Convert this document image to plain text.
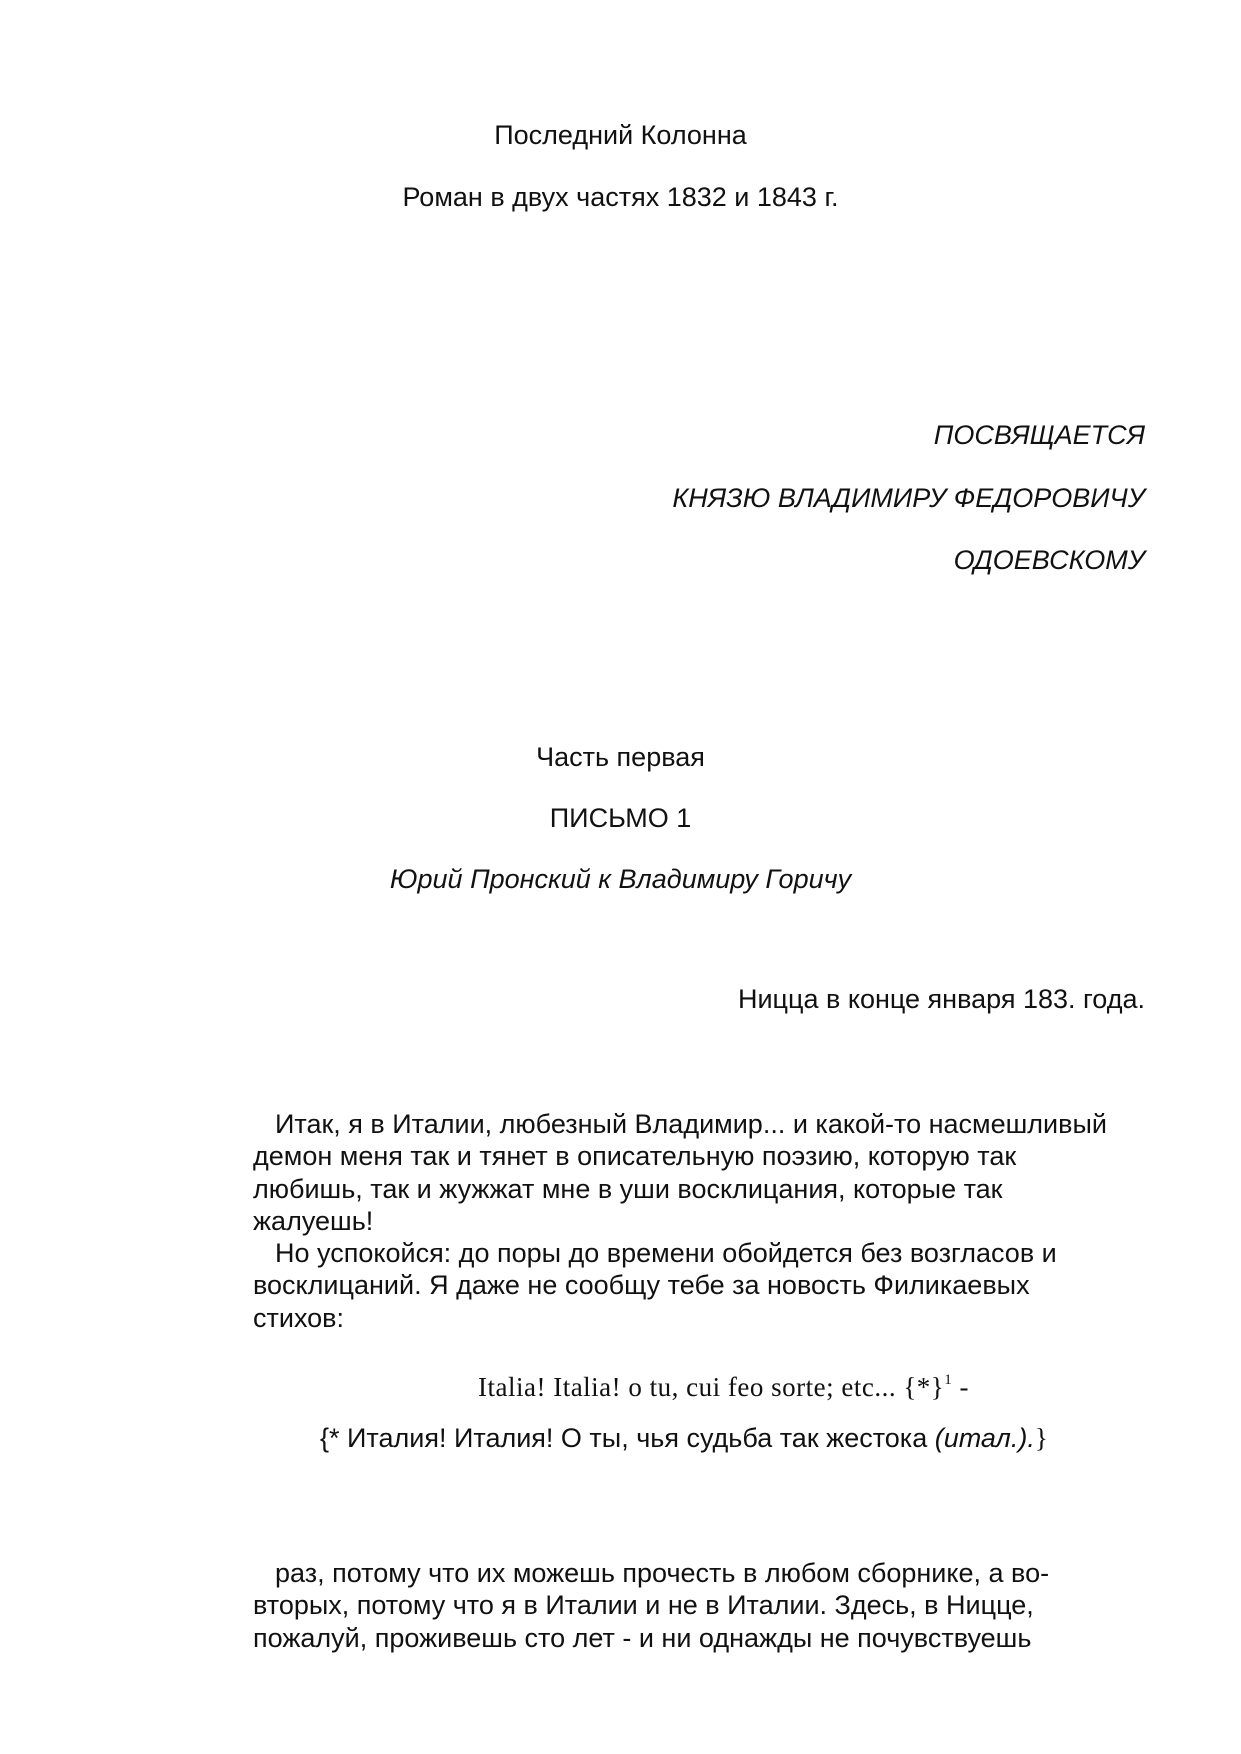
Последний Колонна
Роман в двух частях 1832 и 1843 г.
ПОСВЯЩАЕТСЯ
КНЯЗЮ ВЛАДИМИРУ ФЕДОРОВИЧУ
ОДОЕВСКОМУ
Часть первая
ПИСЬМО 1
Юрий Пронский к Владимиру Горичу
Ницца в конце января 183. года.

Итак, я в Италии, любезный Владимир... и какой-то насмешливый
демон меня так и тянет в описательную поэзию, которую так
любишь, так и жужжат мне в уши восклицания, которые так
жалуешь!

Но успокойся: до поры до времени обойдется без возгласов и
восклицаний. Я даже не сообщу тебе за новость Филикаевых
стихов:

Italia! Italia! o tu, cui feo sorte; etc... $\{*\}^1$ -
{* Италия! Италия! О ты, чья судьба так жестока (итал.).}

раз, потому что их можешь прочесть в любом сборнике, а во-
вторых, потому что я в Италии и не в Италии. Здесь, в Ницце,
пожалуй, проживешь сто лет - и ни однажды не почувствуешь
